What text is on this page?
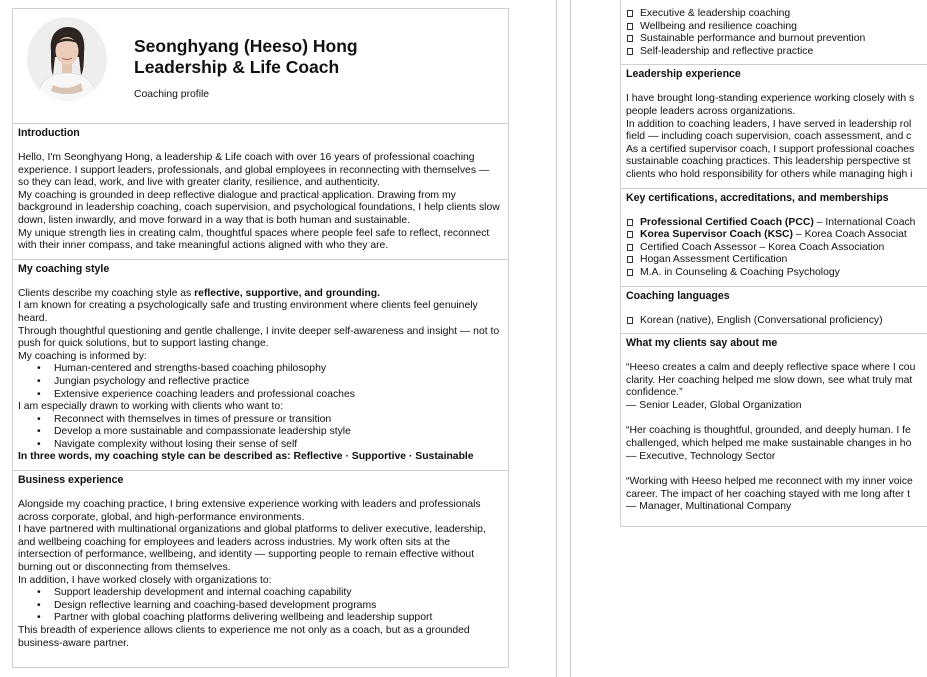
Seonghyang (Heeso) Hong
Leadership & Life Coach
Coaching profile
Introduction

Hello, I'm Seonghyang Hong, a leadership & Life coach with over 16 years of professional coaching experience. I support leaders, professionals, and global employees in reconnecting with themselves — so they can lead, work, and live with greater clarity, resilience, and authenticity.

My coaching is grounded in deep reflective dialogue and practical application. Drawing from my background in leadership coaching, coach supervision, and psychological foundations, I help clients slow down, listen inwardly, and move forward in a way that is both human and sustainable.

My unique strength lies in creating calm, thoughtful spaces where people feel safe to reflect, reconnect with their inner compass, and take meaningful actions aligned with who they are.

My coaching style

Clients describe my coaching style as reflective, supportive, and grounding.

I am known for creating a psychologically safe and trusting environment where clients feel genuinely heard.

Through thoughtful questioning and gentle challenge, I invite deeper self-awareness and insight — not to push for quick solutions, but to support lasting change.

My coaching is informed by:

• Human-centered and strengths-based coaching philosophy
• Jungian psychology and reflective practice
• Extensive experience coaching leaders and professional coaches

I am especially drawn to working with clients who want to:

• Reconnect with themselves in times of pressure or transition
• Develop a more sustainable and compassionate leadership style
• Navigate complexity without losing their sense of self

In three words, my coaching style can be described as: Reflective · Supportive · Sustainable

Business experience

Alongside my coaching practice, I bring extensive experience working with leaders and professionals across corporate, global, and high-performance environments.

I have partnered with multinational organizations and global platforms to deliver executive, leadership, and wellbeing coaching for employees and leaders across industries. My work often sits at the intersection of performance, wellbeing, and identity — supporting people to remain effective without burning out or disconnecting from themselves.

In addition, I have worked closely with organizations to:

• Support leadership development and internal coaching capability
• Design reflective learning and coaching-based development programs
• Partner with global coaching platforms delivering wellbeing and leadership support

This breadth of experience allows clients to experience me not only as a coach, but as a grounded business-aware partner.

Executive & leadership coaching
Wellbeing and resilience coaching
Sustainable performance and burnout prevention
Self-leadership and reflective practice
Leadership experience

I have brought long-standing experience working closely with s

people leaders across organizations.

In addition to coaching leaders, I have served in leadership rol

field — including coach supervision, coach assessment, and c

As a certified supervisor coach, I support professional coaches

sustainable coaching practices. This leadership perspective st

clients who hold responsibility for others while managing high i

Key certifications, accreditations, and memberships
Professional Certified Coach (PCC) – International Coach
Korea Supervisor Coach (KSC) – Korea Coach Associat
Certified Coach Assessor – Korea Coach Association
Hogan Assessment Certification
M.A. in Counseling & Coaching Psychology
Coaching languages
Korean (native), English (Conversational proficiency)
What my clients say about me

“Heeso creates a calm and deeply reflective space where I cou

clarity. Her coaching helped me slow down, see what truly mat

confidence.”

— Senior Leader, Global Organization

“Her coaching is thoughtful, grounded, and deeply human. I fe

challenged, which helped me make sustainable changes in ho

— Executive, Technology Sector

“Working with Heeso helped me reconnect with my inner voice

career. The impact of her coaching stayed with me long after t

— Manager, Multinational Company
